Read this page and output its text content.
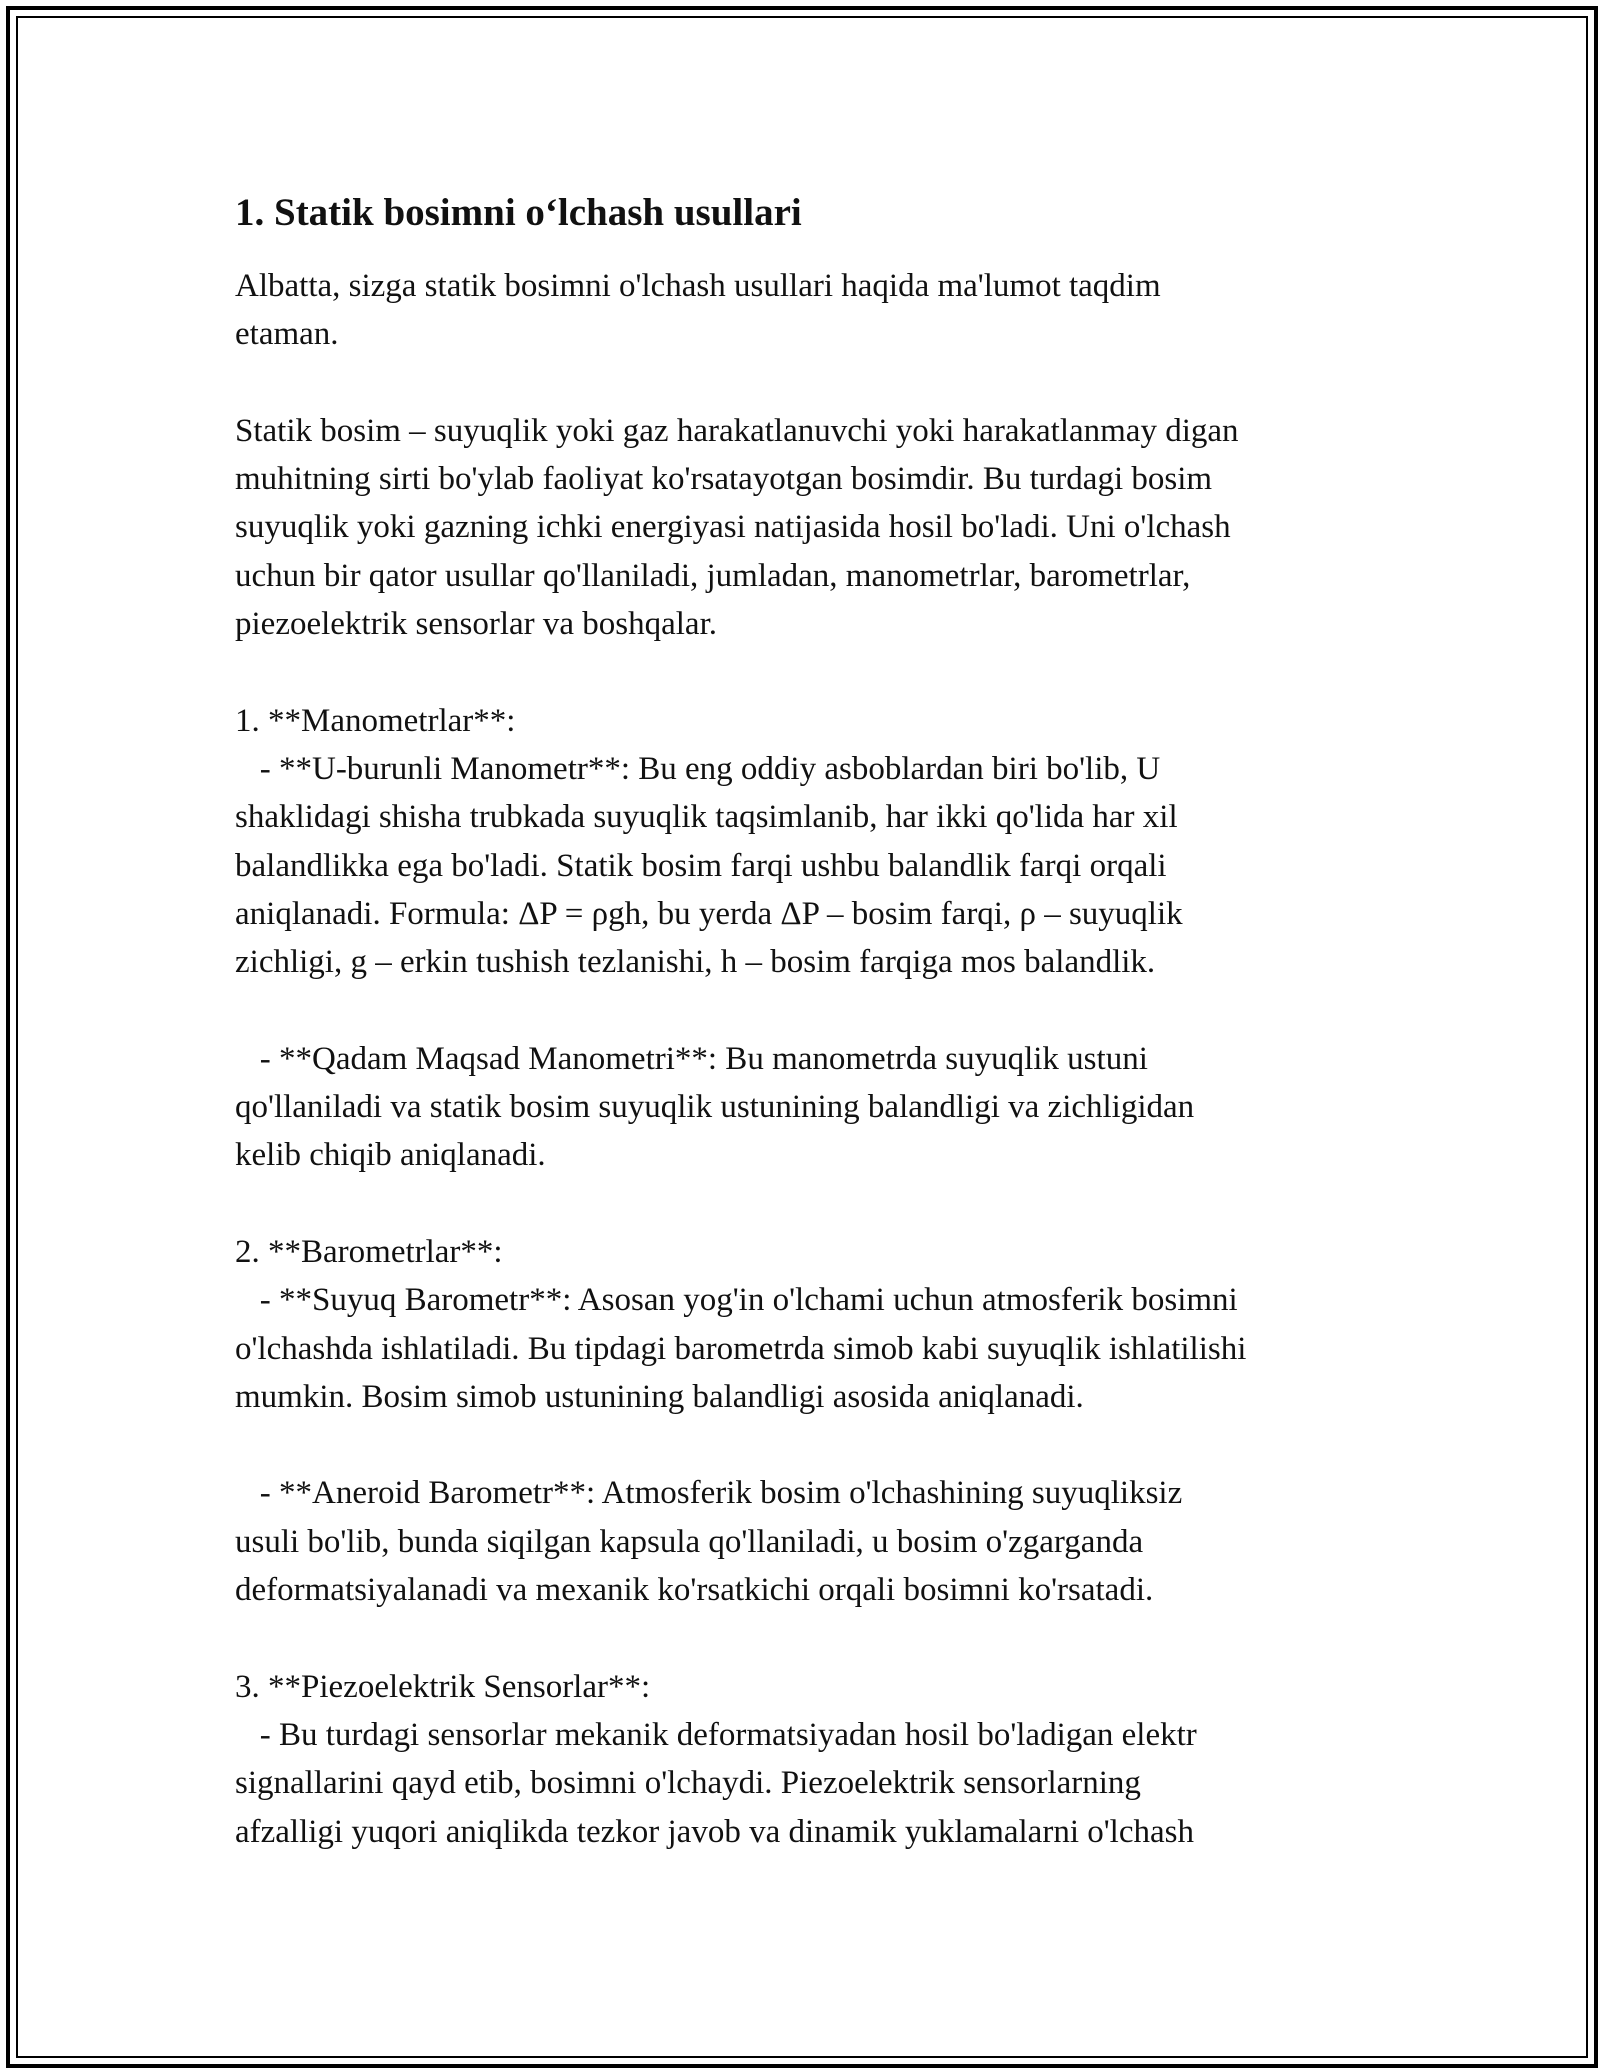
1. Statik bosimni o‘lchash usullari
Albatta, sizga statik bosimni o'lchash usullari haqida ma'lumot taqdim
etaman.
Statik bosim – suyuqlik yoki gaz harakatlanuvchi yoki harakatlanmay digan
muhitning sirti bo'ylab faoliyat ko'rsatayotgan bosimdir. Bu turdagi bosim
suyuqlik yoki gazning ichki energiyasi natijasida hosil bo'ladi. Uni o'lchash
uchun bir qator usullar qo'llaniladi, jumladan, manometrlar, barometrlar,
piezoelektrik sensorlar va boshqalar.
1. **Manometrlar**:
- **U-burunli Manometr**: Bu eng oddiy asboblardan biri bo'lib, U
shaklidagi shisha trubkada suyuqlik taqsimlanib, har ikki qo'lida har xil
balandlikka ega bo'ladi. Statik bosim farqi ushbu balandlik farqi orqali
aniqlanadi. Formula: ΔP = ρgh, bu yerda ΔP – bosim farqi, ρ – suyuqlik
zichligi, g – erkin tushish tezlanishi, h – bosim farqiga mos balandlik.
- **Qadam Maqsad Manometri**: Bu manometrda suyuqlik ustuni
qo'llaniladi va statik bosim suyuqlik ustunining balandligi va zichligidan
kelib chiqib aniqlanadi.
2. **Barometrlar**:
- **Suyuq Barometr**: Asosan yog'in o'lchami uchun atmosferik bosimni
o'lchashda ishlatiladi. Bu tipdagi barometrda simob kabi suyuqlik ishlatilishi
mumkin. Bosim simob ustunining balandligi asosida aniqlanadi.
- **Aneroid Barometr**: Atmosferik bosim o'lchashining suyuqliksiz
usuli bo'lib, bunda siqilgan kapsula qo'llaniladi, u bosim o'zgarganda
deformatsiyalanadi va mexanik ko'rsatkichi orqali bosimni ko'rsatadi.
3. **Piezoelektrik Sensorlar**:
- Bu turdagi sensorlar mekanik deformatsiyadan hosil bo'ladigan elektr
signallarini qayd etib, bosimni o'lchaydi. Piezoelektrik sensorlarning
afzalligi yuqori aniqlikda tezkor javob va dinamik yuklamalarni o'lchash
